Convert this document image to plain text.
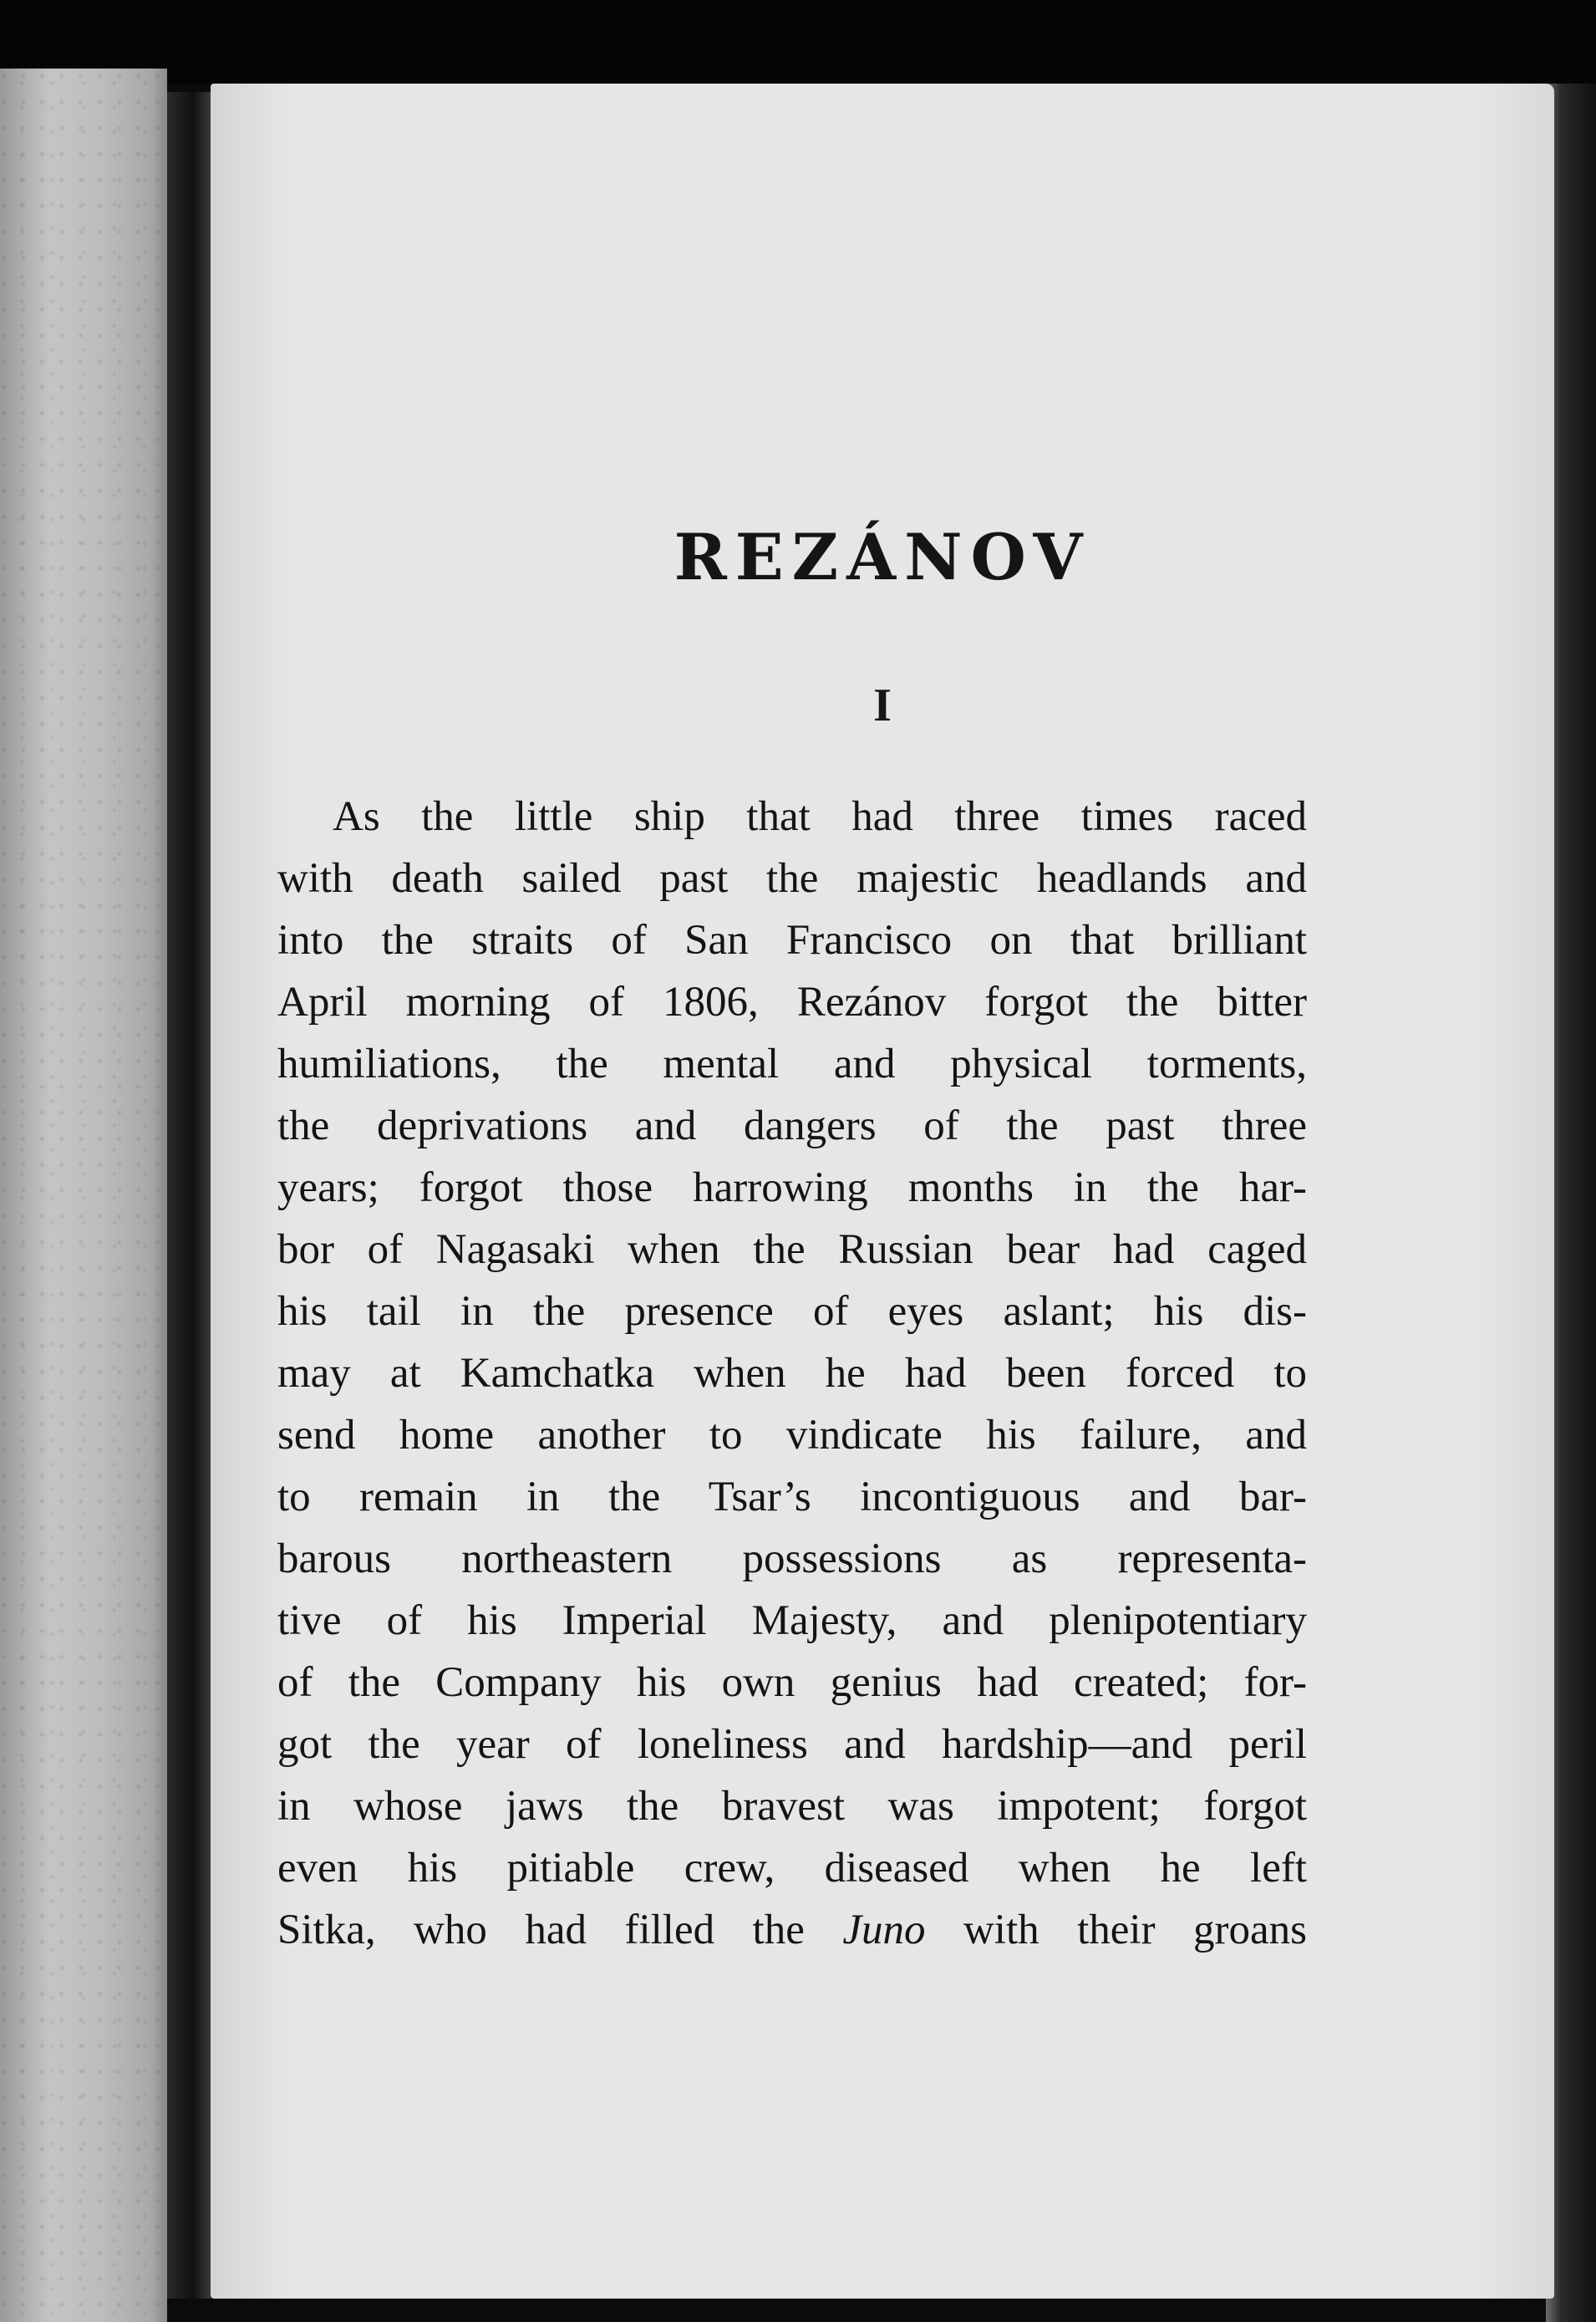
REZÁNOV
I
As the little ship that had three times raced
with death sailed past the majestic headlands and
into the straits of San Francisco on that brilliant
April morning of 1806, Rezánov forgot the bitter
humiliations, the mental and physical torments,
the deprivations and dangers of the past three
years; forgot those harrowing months in the har-
bor of Nagasaki when the Russian bear had caged
his tail in the presence of eyes aslant; his dis-
may at Kamchatka when he had been forced to
send home another to vindicate his failure, and
to remain in the Tsar’s incontiguous and bar-
barous northeastern possessions as representa-
tive of his Imperial Majesty, and plenipotentiary
of the Company his own genius had created; for-
got the year of loneliness and hardship—and peril
in whose jaws the bravest was impotent; forgot
even his pitiable crew, diseased when he left
Sitka, who had filled the Juno with their groans
